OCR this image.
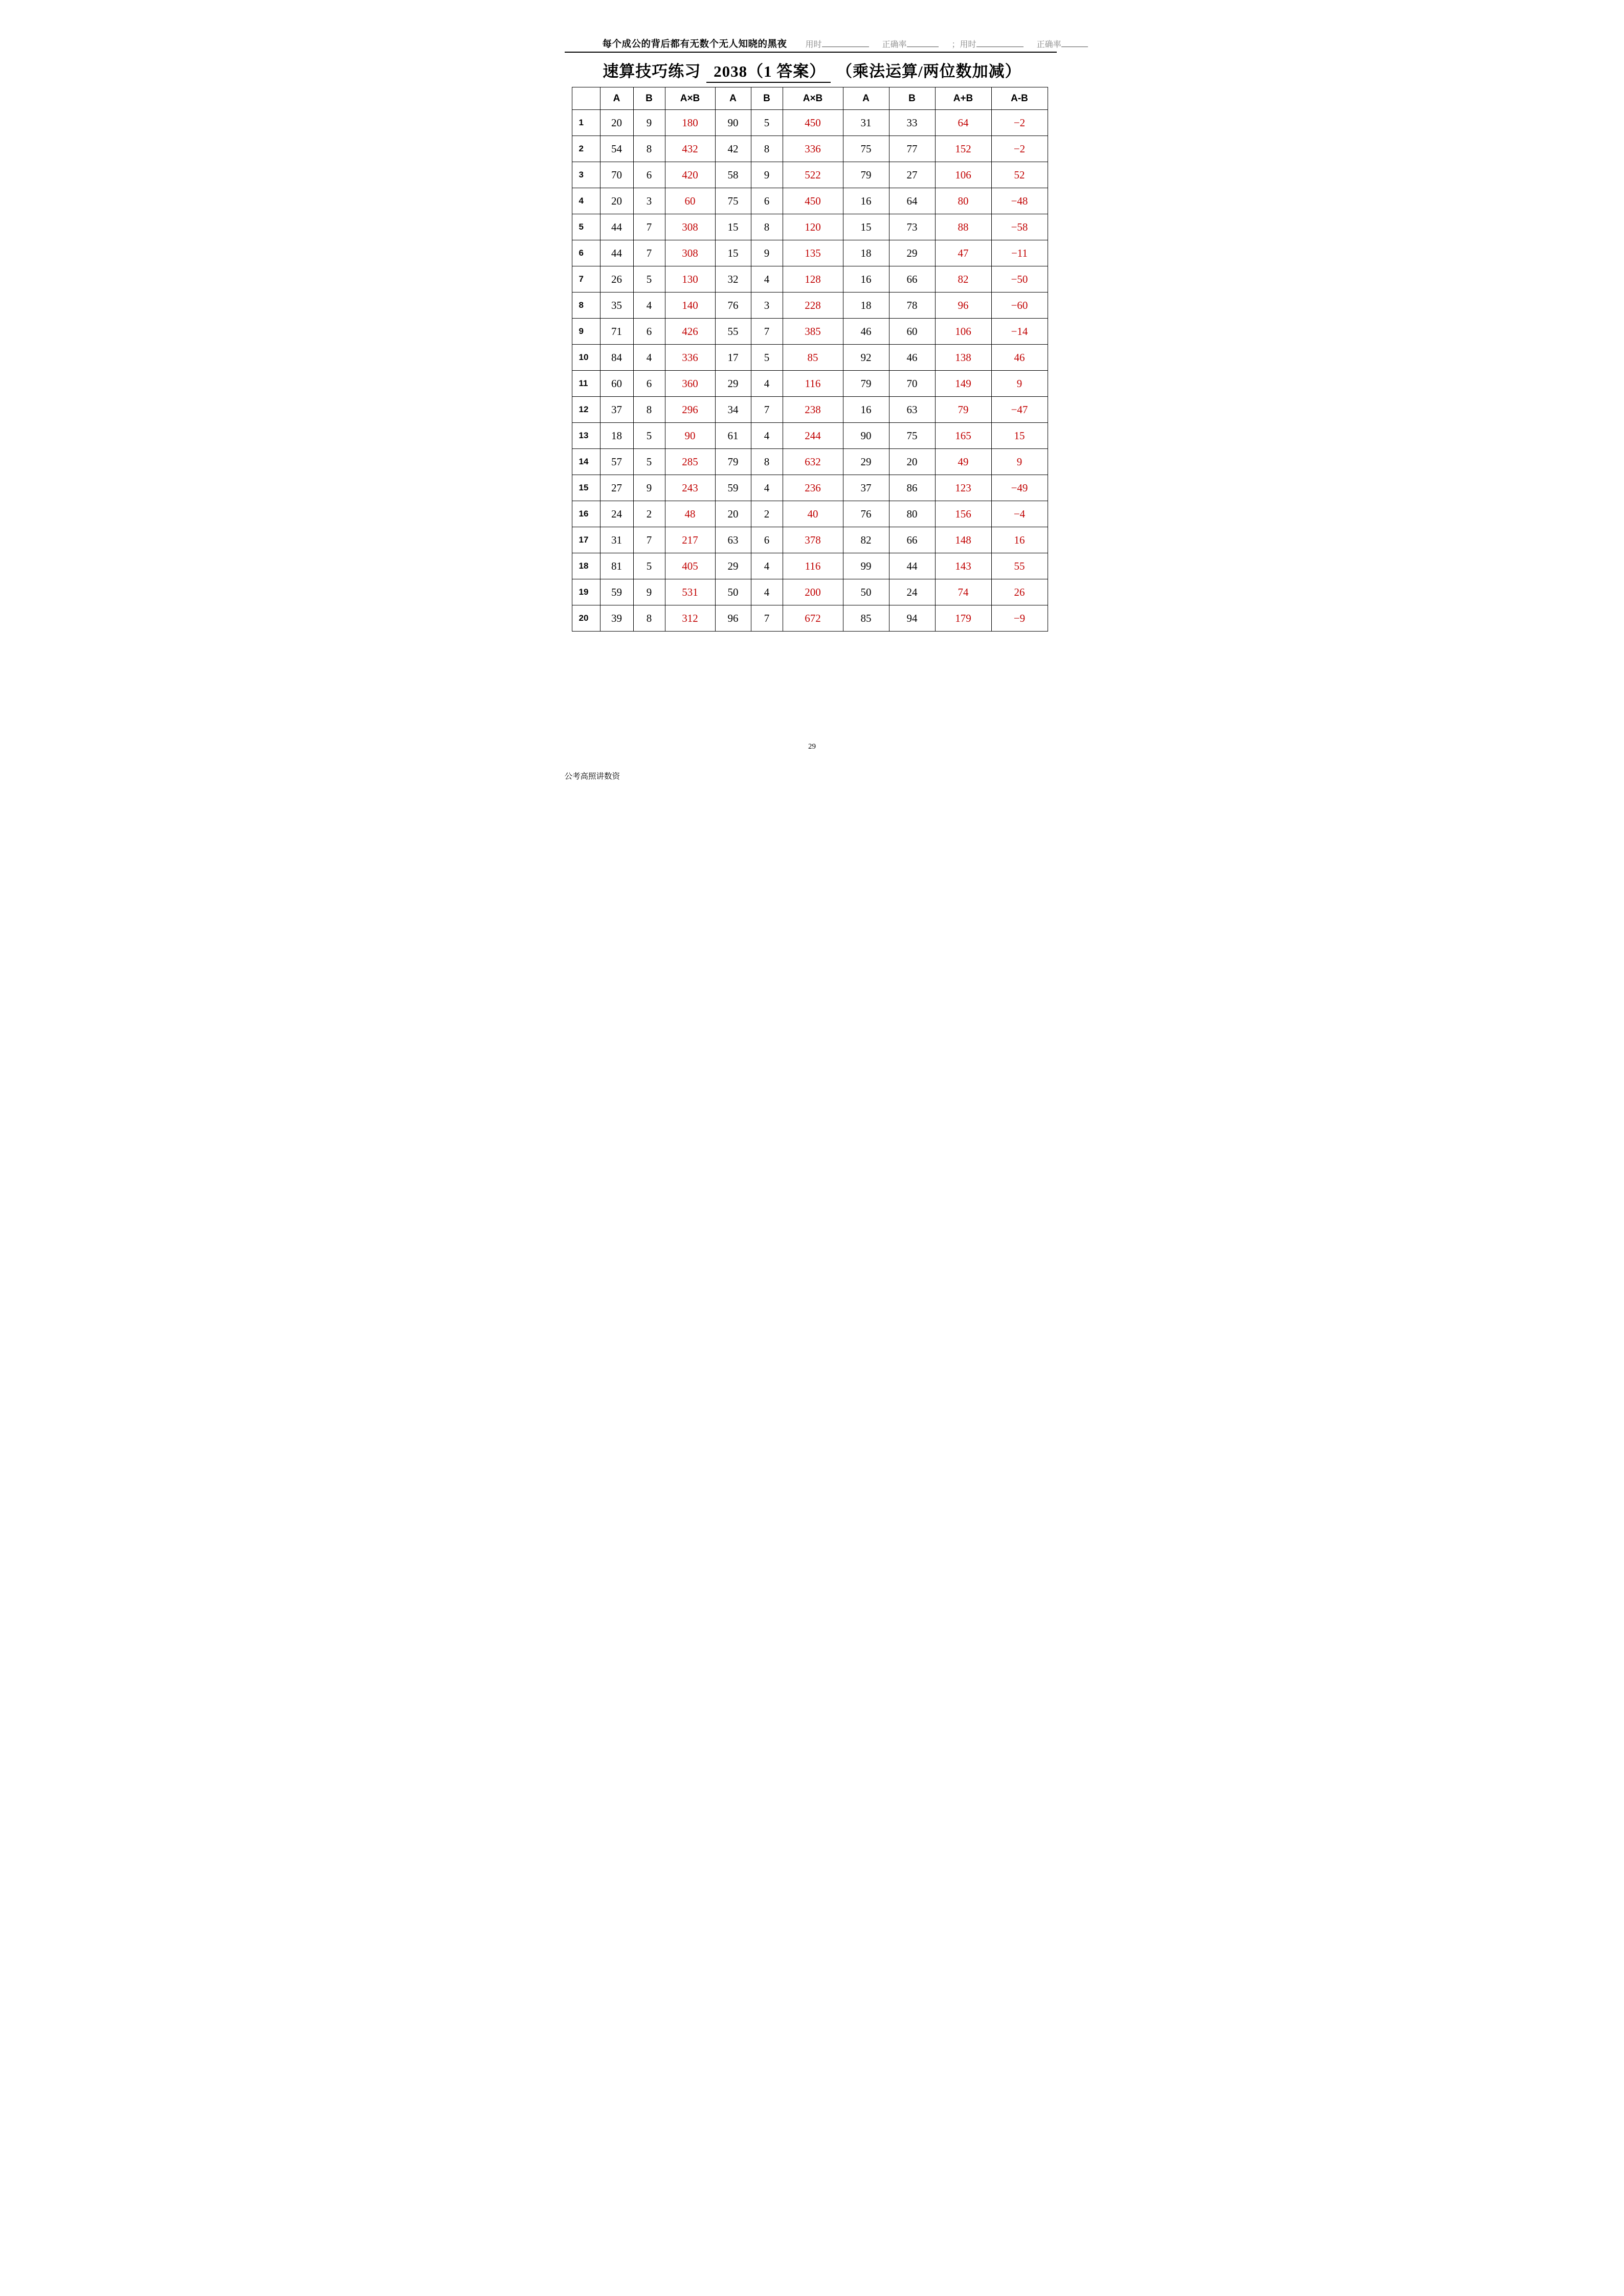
每个成公的背后都有无数个无人知晓的黑夜 用时	正确率	；用时	正确率
速算技巧练习 2038（1 答案） （乘法运算/两位数加减）
	A	B	A×B	A	B	A×B	A	B	A+B	A-B
1	20	9	180	90	5	450	31	33	64	−2
2	54	8	432	42	8	336	75	77	152	−2
3	70	6	420	58	9	522	79	27	106	52
4	20	3	60	75	6	450	16	64	80	−48
5	44	7	308	15	8	120	15	73	88	−58
6	44	7	308	15	9	135	18	29	47	−11
7	26	5	130	32	4	128	16	66	82	−50
8	35	4	140	76	3	228	18	78	96	−60
9	71	6	426	55	7	385	46	60	106	−14
10	84	4	336	17	5	85	92	46	138	46
11	60	6	360	29	4	116	79	70	149	9
12	37	8	296	34	7	238	16	63	79	−47
13	18	5	90	61	4	244	90	75	165	15
14	57	5	285	79	8	632	29	20	49	9
15	27	9	243	59	4	236	37	86	123	−49
16	24	2	48	20	2	40	76	80	156	−4
17	31	7	217	63	6	378	82	66	148	16
18	81	5	405	29	4	116	99	44	143	55
19	59	9	531	50	4	200	50	24	74	26
20	39	8	312	96	7	672	85	94	179	−9
29
公考高照讲数资
